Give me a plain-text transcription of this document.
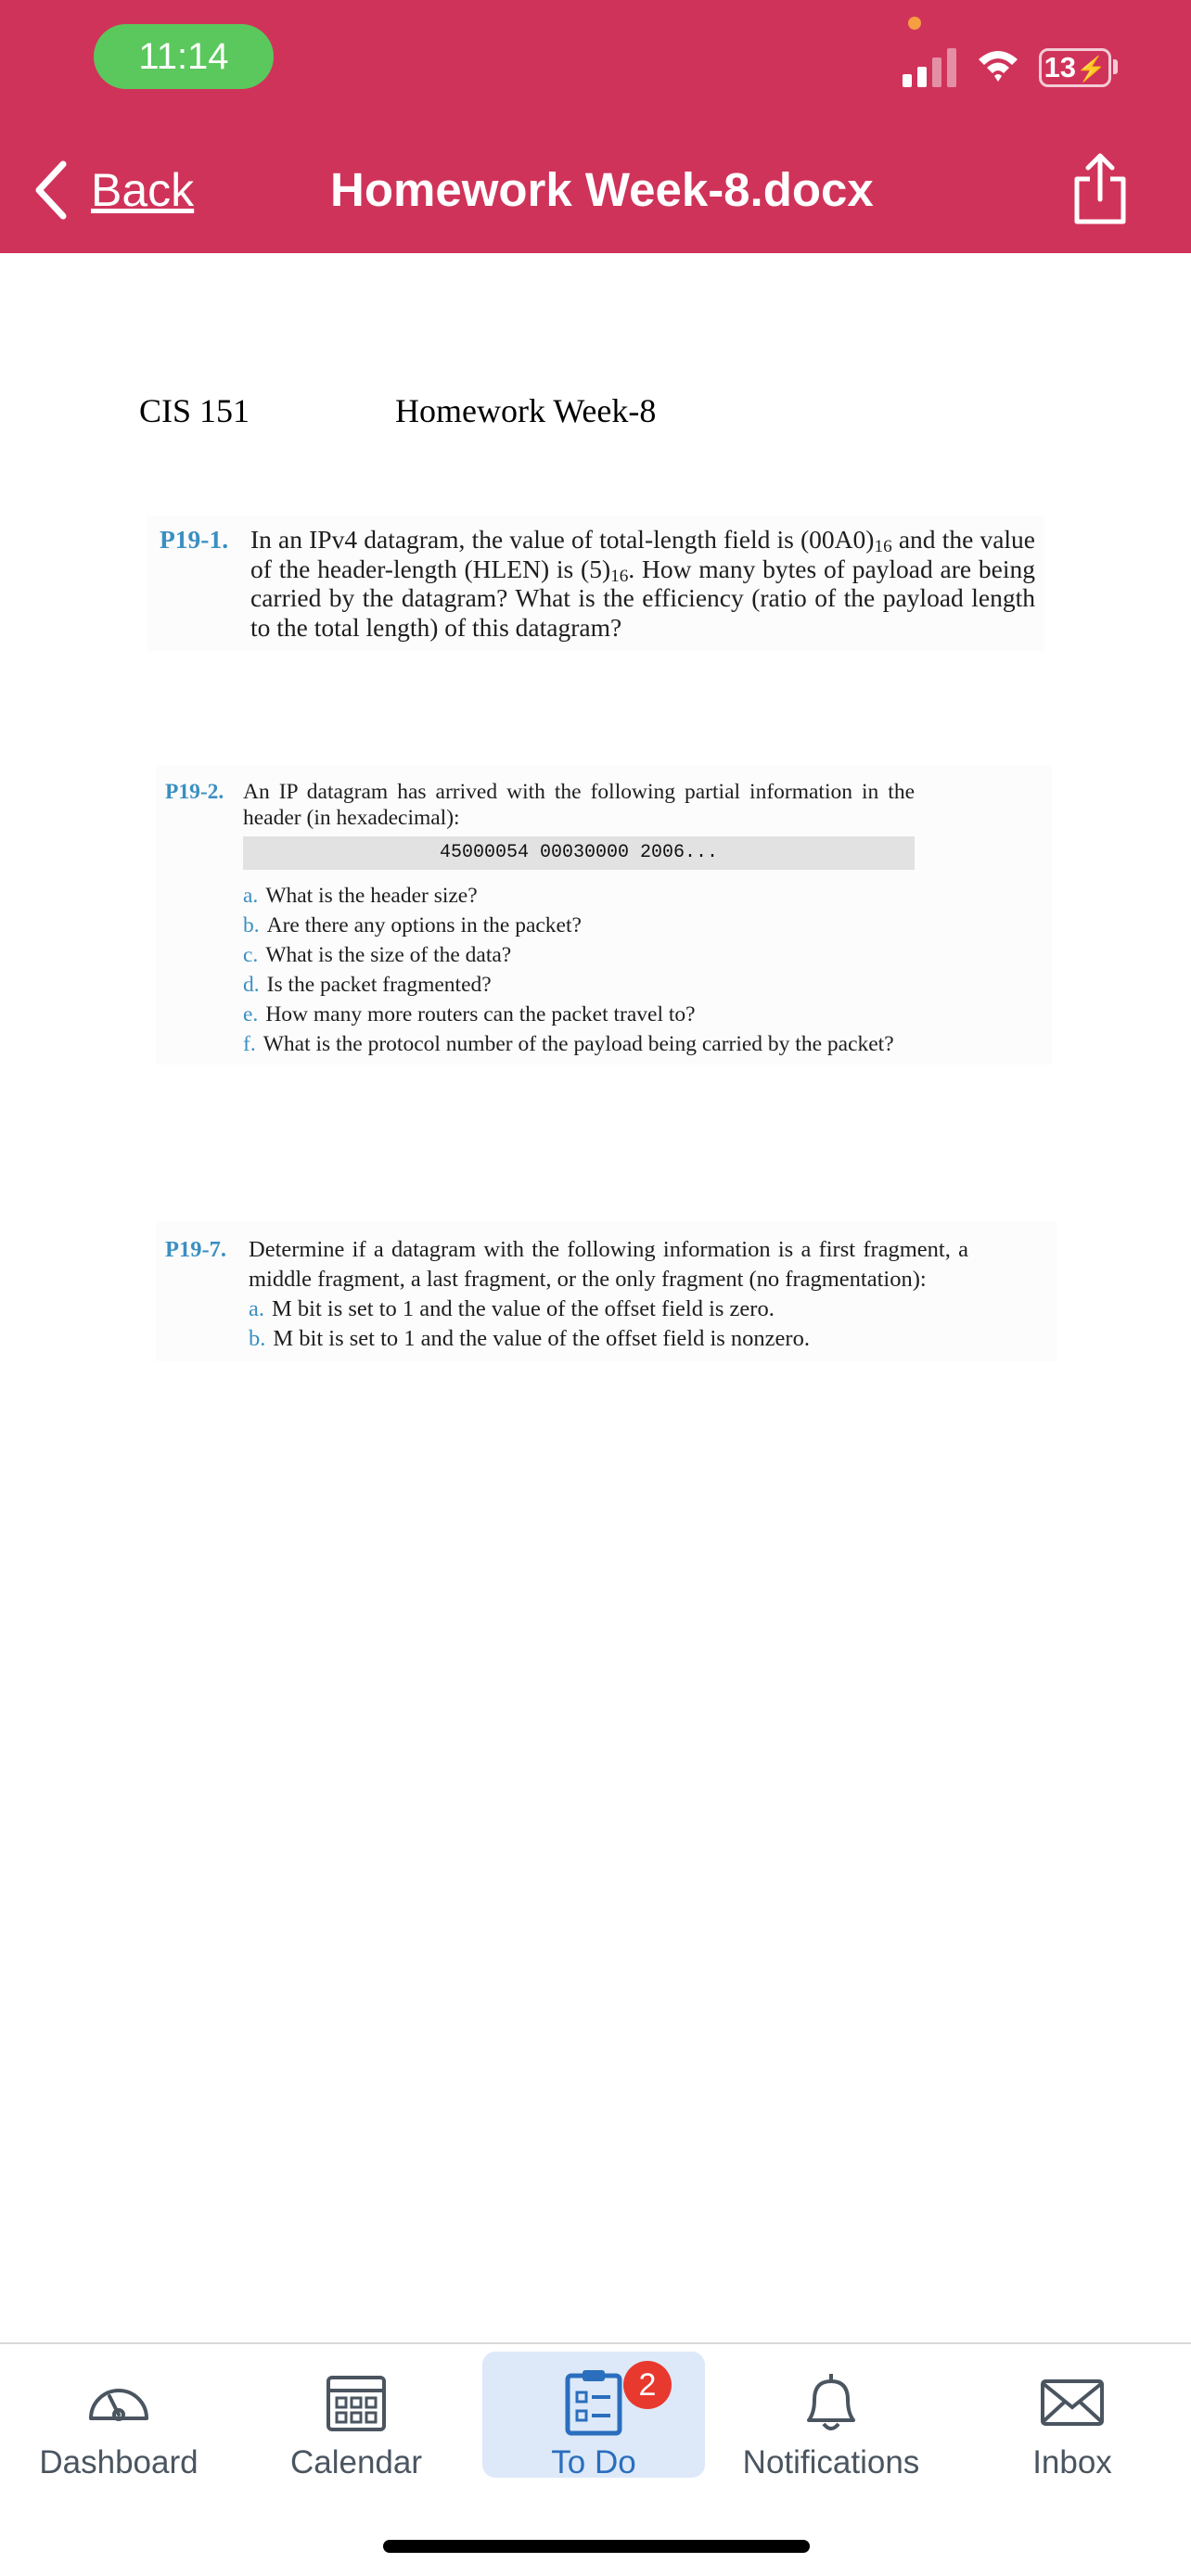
11:14	13⚡
Back	Homework Week-8.docx
CIS 151	Homework Week-8
P19-1. In an IPv4 datagram, the value of total-length field is $(00A0)_{16}$ and the value of the header-length (HLEN) is $(5)_{16}$. How many bytes of payload are being carried by the datagram? What is the efficiency (ratio of the payload length to the total length) of this datagram?
P19-2. An IP datagram has arrived with the following partial information in the header (in hexadecimal):
45000054 00030000 2006...
a. What is the header size?
b. Are there any options in the packet?
c. What is the size of the data?
d. Is the packet fragmented?
e. How many more routers can the packet travel to?
f. What is the protocol number of the payload being carried by the packet?
P19-7. Determine if a datagram with the following information is a first fragment, a middle fragment, a last fragment, or the only fragment (no fragmentation):
a. M bit is set to 1 and the value of the offset field is zero.
b. M bit is set to 1 and the value of the offset field is nonzero.
Dashboard	Calendar
2
To Do	Notifications	Inbox
